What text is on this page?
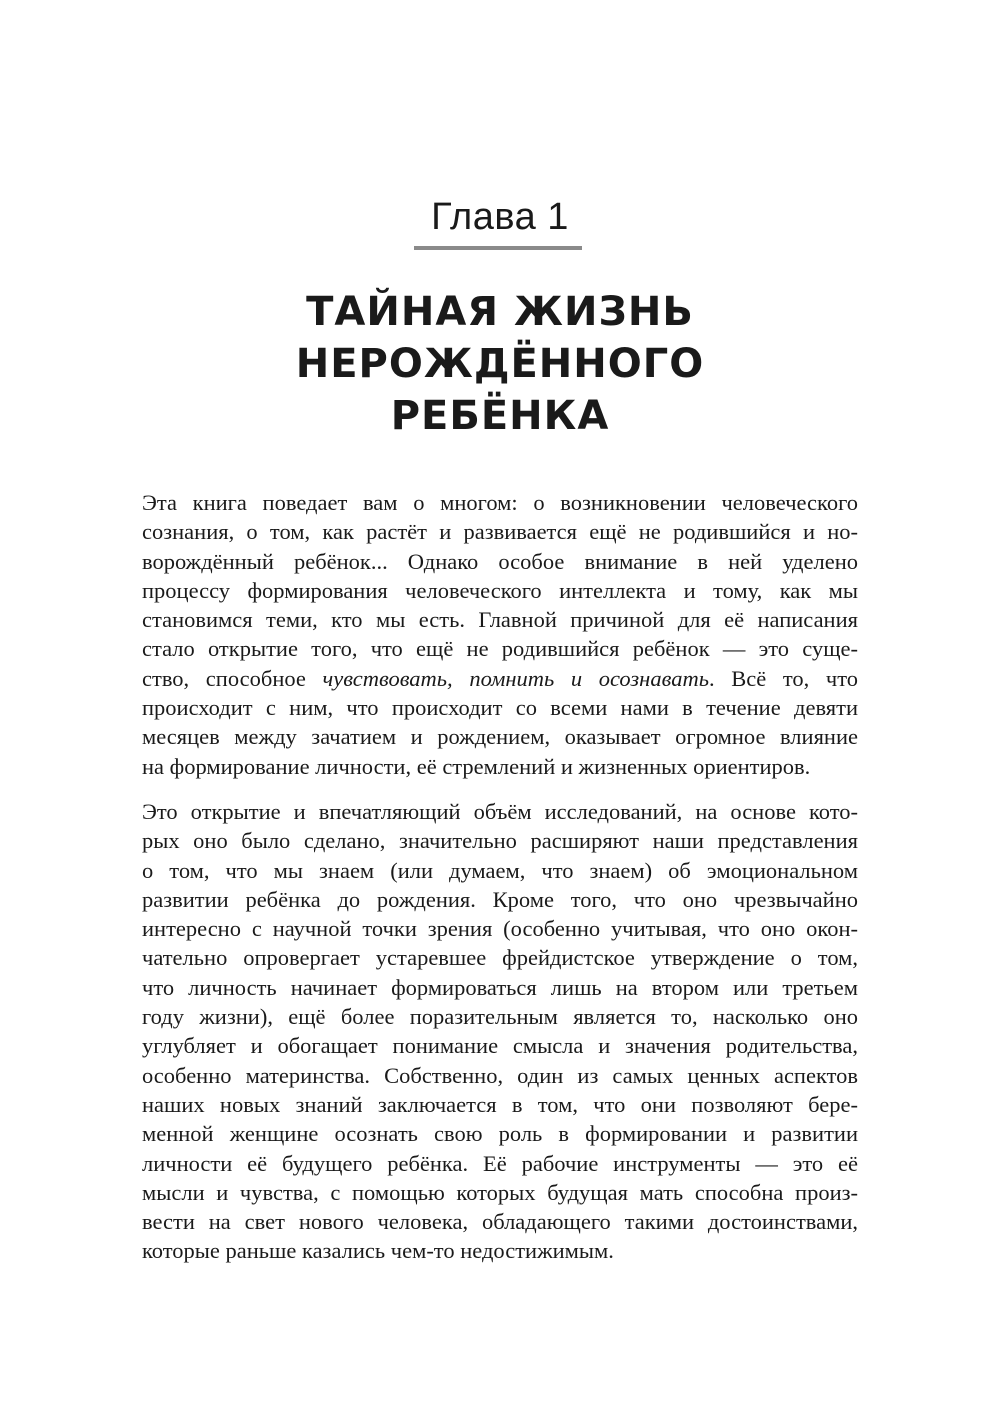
Глава 1
ТАЙНАЯ ЖИЗНЬ
НЕРОЖДЁННОГО
РЕБЁНКА

Эта книга поведает вам о многом: о возникновении человеческого
сознания, о том, как растёт и развивается ещё не родившийся и но-
ворождённый ребёнок... Однако особое внимание в ней уделено
процессу формирования человеческого интеллекта и тому, как мы
становимся теми, кто мы есть. Главной причиной для её написания
стало открытие того, что ещё не родившийся ребёнок — это суще-
ство, способное чувствовать, помнить и осознавать. Всё то, что
происходит с ним, что происходит со всеми нами в течение девяти
месяцев между зачатием и рождением, оказывает огромное влияние
на формирование личности, её стремлений и жизненных ориентиров.

Это открытие и впечатляющий объём исследований, на основе кото-
рых оно было сделано, значительно расширяют наши представления
о том, что мы знаем (или думаем, что знаем) об эмоциональном
развитии ребёнка до рождения. Кроме того, что оно чрезвычайно
интересно с научной точки зрения (особенно учитывая, что оно окон-
чательно опровергает устаревшее фрейдистское утверждение о том,
что личность начинает формироваться лишь на втором или третьем
году жизни), ещё более поразительным является то, насколько оно
углубляет и обогащает понимание смысла и значения родительства,
особенно материнства. Собственно, один из самых ценных аспектов
наших новых знаний заключается в том, что они позволяют бере-
менной женщине осознать свою роль в формировании и развитии
личности её будущего ребёнка. Её рабочие инструменты — это её
мысли и чувства, с помощью которых будущая мать способна произ-
вести на свет нового человека, обладающего такими достоинствами,
которые раньше казались чем-то недостижимым.
